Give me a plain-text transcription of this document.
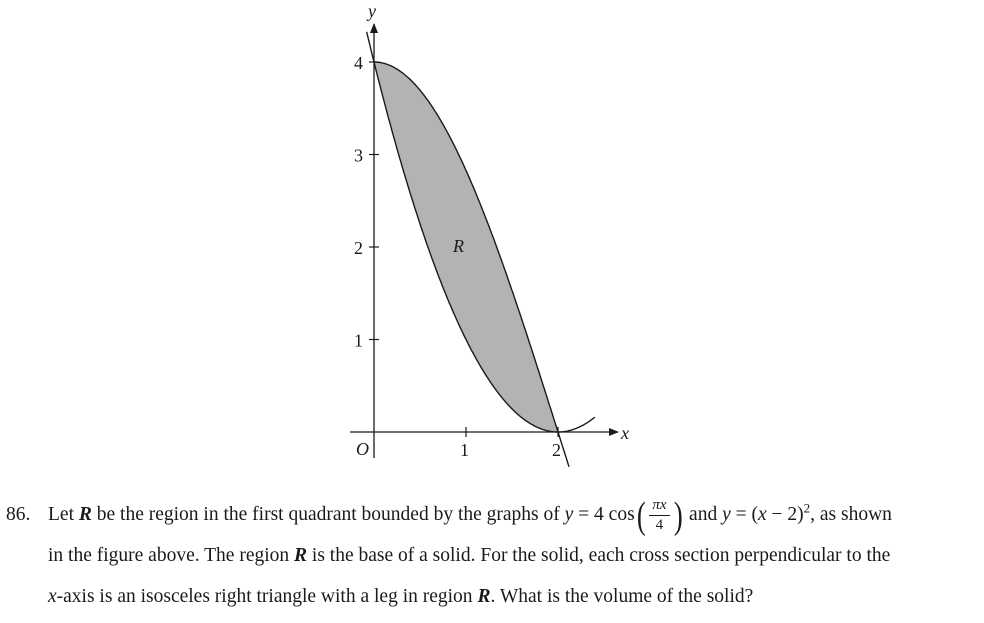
1	2
1
2
3
4
x
y
O
R
86. Let R be the region in the first quadrant bounded by the graphs of y = 4 $\cos( \frac{\pi x}{4}$ ) and $y = (x - 2)^2$, as shown
in the figure above. The region R is the base of a solid. For the solid, each cross section perpendicular to the
x-axis is an isosceles right triangle with a leg in region R. What is the volume of the solid?
